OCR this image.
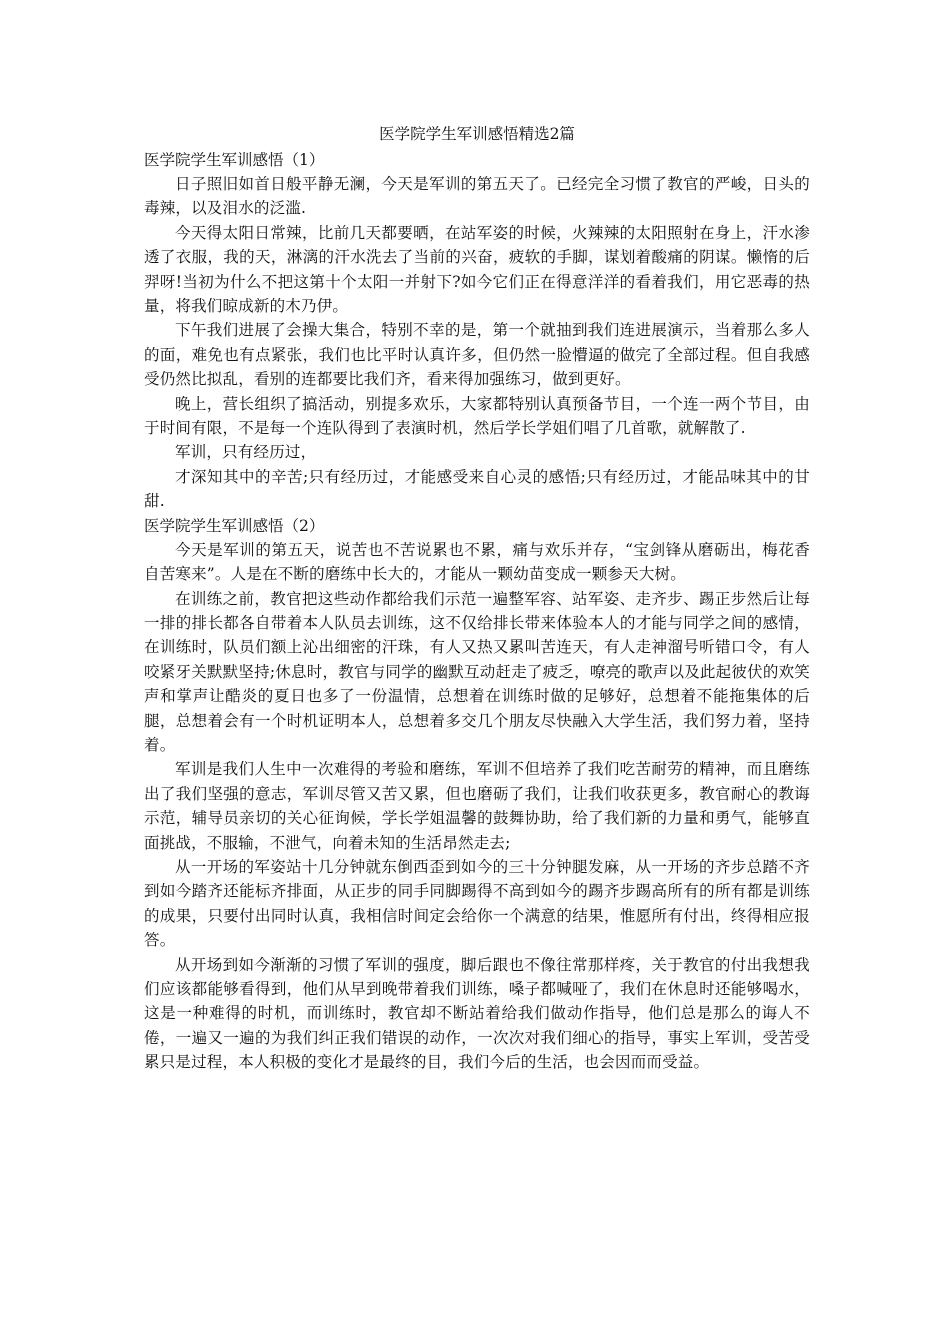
医学院学生军训感悟精选2篇
医学院学生军训感悟（1）

日子照旧如首日般平静无澜，今天是军训的第五天了。已经完全习惯了教官的严峻，日头的毒辣，以及泪水的泛滥.

今天得太阳日常辣，比前几天都要晒，在站军姿的时候，火辣辣的太阳照射在身上，汗水渗透了衣服，我的天，淋漓的汗水洗去了当前的兴奋，疲软的手脚，谋划着酸痛的阴谋。懒惰的后羿呀!当初为什么不把这第十个太阳一并射下?如今它们正在得意洋洋的看着我们，用它恶毒的热量，将我们晾成新的木乃伊。

下午我们进展了会操大集合，特别不幸的是，第一个就抽到我们连进展演示，当着那么多人的面，难免也有点紧张，我们也比平时认真许多，但仍然一脸懵逼的做完了全部过程。但自我感受仍然比拟乱，看别的连都要比我们齐，看来得加强练习，做到更好。

晚上，营长组织了搞活动，别提多欢乐，大家都特别认真预备节目，一个连一两个节目，由于时间有限，不是每一个连队得到了表演时机，然后学长学姐们唱了几首歌，就解散了.

军训，只有经历过，

才深知其中的辛苦;只有经历过，才能感受来自心灵的感悟;只有经历过，才能品味其中的甘甜.

医学院学生军训感悟（2）

今天是军训的第五天，说苦也不苦说累也不累，痛与欢乐并存，“宝剑锋从磨砺出，梅花香自苦寒来”。人是在不断的磨练中长大的，才能从一颗幼苗变成一颗参天大树。

在训练之前，教官把这些动作都给我们示范一遍整军容、站军姿、走齐步、踢正步然后让每一排的排长都各自带着本人队员去训练，这不仅给排长带来体验本人的才能与同学之间的感情，在训练时，队员们额上沁出细密的汗珠，有人又热又累叫苦连天，有人走神溜号听错口令，有人咬紧牙关默默坚持;休息时，教官与同学的幽默互动赶走了疲乏，嘹亮的歌声以及此起彼伏的欢笑声和掌声让酷炎的夏日也多了一份温情，总想着在训练时做的足够好，总想着不能拖集体的后腿，总想着会有一个时机证明本人，总想着多交几个朋友尽快融入大学生活，我们努力着，坚持着。

军训是我们人生中一次难得的考验和磨练，军训不但培养了我们吃苦耐劳的精神，而且磨练出了我们坚强的意志，军训尽管又苦又累，但也磨砺了我们，让我们收获更多，教官耐心的教诲示范，辅导员亲切的关心征询候，学长学姐温馨的鼓舞协助，给了我们新的力量和勇气，能够直面挑战，不服输，不泄气，向着未知的生活昂然走去;

从一开场的军姿站十几分钟就东倒西歪到如今的三十分钟腿发麻，从一开场的齐步总踏不齐到如今踏齐还能标齐排面，从正步的同手同脚踢得不高到如今的踢齐步踢高所有的所有都是训练的成果，只要付出同时认真，我相信时间定会给你一个满意的结果，惟愿所有付出，终得相应报答。

从开场到如今渐渐的习惯了军训的强度，脚后跟也不像往常那样疼，关于教官的付出我想我们应该都能够看得到，他们从早到晚带着我们训练，嗓子都喊哑了，我们在休息时还能够喝水，这是一种难得的时机，而训练时，教官却不断站着给我们做动作指导，他们总是那么的诲人不倦，一遍又一遍的为我们纠正我们错误的动作，一次次对我们细心的指导，事实上军训，受苦受累只是过程，本人积极的变化才是最终的目，我们今后的生活，也会因而而受益。
